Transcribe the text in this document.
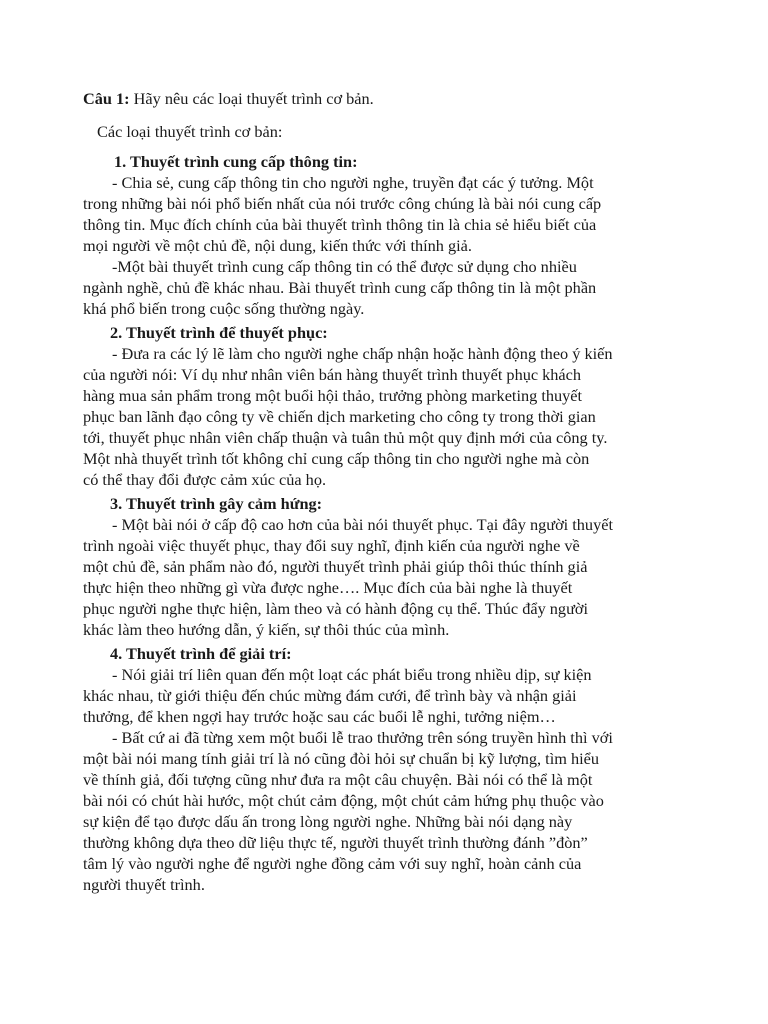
Câu 1: Hãy nêu các loại thuyết trình cơ bản.
Các loại thuyết trình cơ bản:
1. Thuyết trình cung cấp thông tin:
- Chia sẻ, cung cấp thông tin cho người nghe, truyền đạt các ý tưởng. Một
trong những bài nói phổ biến nhất của nói trước công chúng là bài nói cung cấp
thông tin. Mục đích chính của bài thuyết trình thông tin là chia sẻ hiểu biết của
mọi người về một chủ đề, nội dung, kiến thức với thính giả.
-Một bài thuyết trình cung cấp thông tin có thể được sử dụng cho nhiều
ngành nghề, chủ đề khác nhau. Bài thuyết trình cung cấp thông tin là một phần
khá phổ biến trong cuộc sống thường ngày.
2. Thuyết trình để thuyết phục:
- Đưa ra các lý lẽ làm cho người nghe chấp nhận hoặc hành động theo ý kiến
của người nói: Ví dụ như nhân viên bán hàng thuyết trình thuyết phục khách
hàng mua sản phẩm trong một buổi hội thảo, trưởng phòng marketing thuyết
phục ban lãnh đạo công ty về chiến dịch marketing cho công ty trong thời gian
tới, thuyết phục nhân viên chấp thuận và tuân thủ một quy định mới của công ty.
Một nhà thuyết trình tốt không chỉ cung cấp thông tin cho người nghe mà còn
có thể thay đổi được cảm xúc của họ.
3. Thuyết trình gây cảm hứng:
- Một bài nói ở cấp độ cao hơn của bài nói thuyết phục. Tại đây người thuyết
trình ngoài việc thuyết phục, thay đổi suy nghĩ, định kiến của người nghe về
một chủ đề, sản phẩm nào đó, người thuyết trình phải giúp thôi thúc thính giả
thực hiện theo những gì vừa được nghe…. Mục đích của bài nghe là thuyết
phục người nghe thực hiện, làm theo và có hành động cụ thể. Thúc đẩy người
khác làm theo hướng dẫn, ý kiến, sự thôi thúc của mình.
4. Thuyết trình để giải trí:
- Nói giải trí liên quan đến một loạt các phát biểu trong nhiều dịp, sự kiện
khác nhau, từ giới thiệu đến chúc mừng đám cưới, để trình bày và nhận giải
thưởng, để khen ngợi hay trước hoặc sau các buổi lễ nghi, tưởng niệm…
- Bất cứ ai đã từng xem một buổi lễ trao thưởng trên sóng truyền hình thì với
một bài nói mang tính giải trí là nó cũng đòi hỏi sự chuẩn bị kỹ lượng, tìm hiểu
về thính giả, đối tượng cũng như đưa ra một câu chuyện. Bài nói có thể là một
bài nói có chút hài hước, một chút cảm động, một chút cảm hứng phụ thuộc vào
sự kiện để tạo được dấu ấn trong lòng người nghe. Những bài nói dạng này
thường không dựa theo dữ liệu thực tế, người thuyết trình thường đánh ”đòn”
tâm lý vào người nghe để người nghe đồng cảm với suy nghĩ, hoàn cảnh của
người thuyết trình.
